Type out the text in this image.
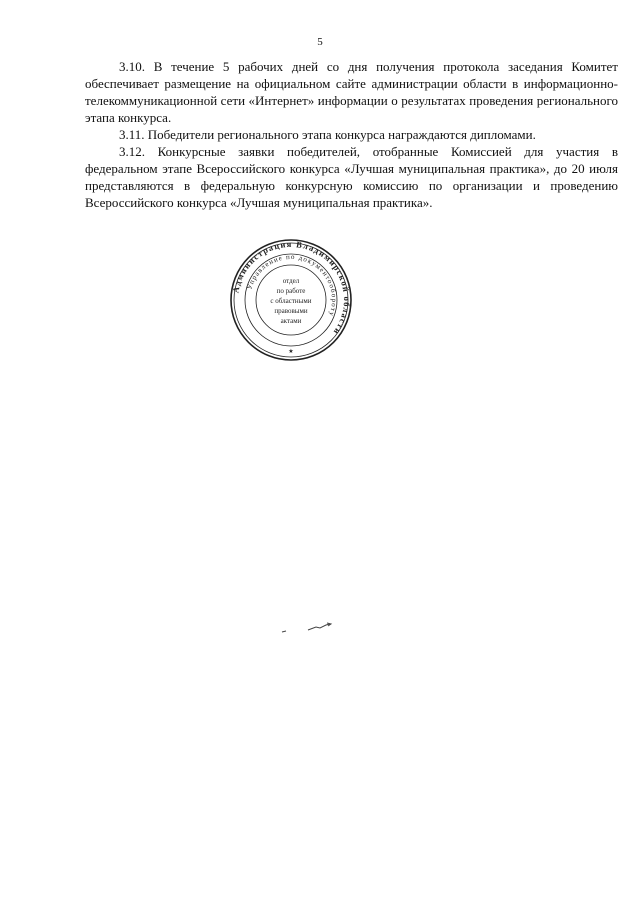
5

3.10. В течение 5 рабочих дней со дня получения протокола заседания Комитет обеспечивает размещение на официальном сайте администрации области в информационно-телекоммуникационной сети «Интернет» информации о результатах проведения регионального этапа конкурса.

3.11. Победители регионального этапа конкурса награждаются дипломами.

3.12. Конкурсные заявки победителей, отобранные Комиссией для участия в федеральном этапе Всероссийского конкурса «Лучшая муниципальная практика», до 20 июля представляются в федеральную конкурсную комиссию по организации и проведению Всероссийского конкурса «Лучшая муниципальная практика».

Администрация Владимирской области
Управление по документообороту
отдел
по работе
с областными
правовыми
актами
★
